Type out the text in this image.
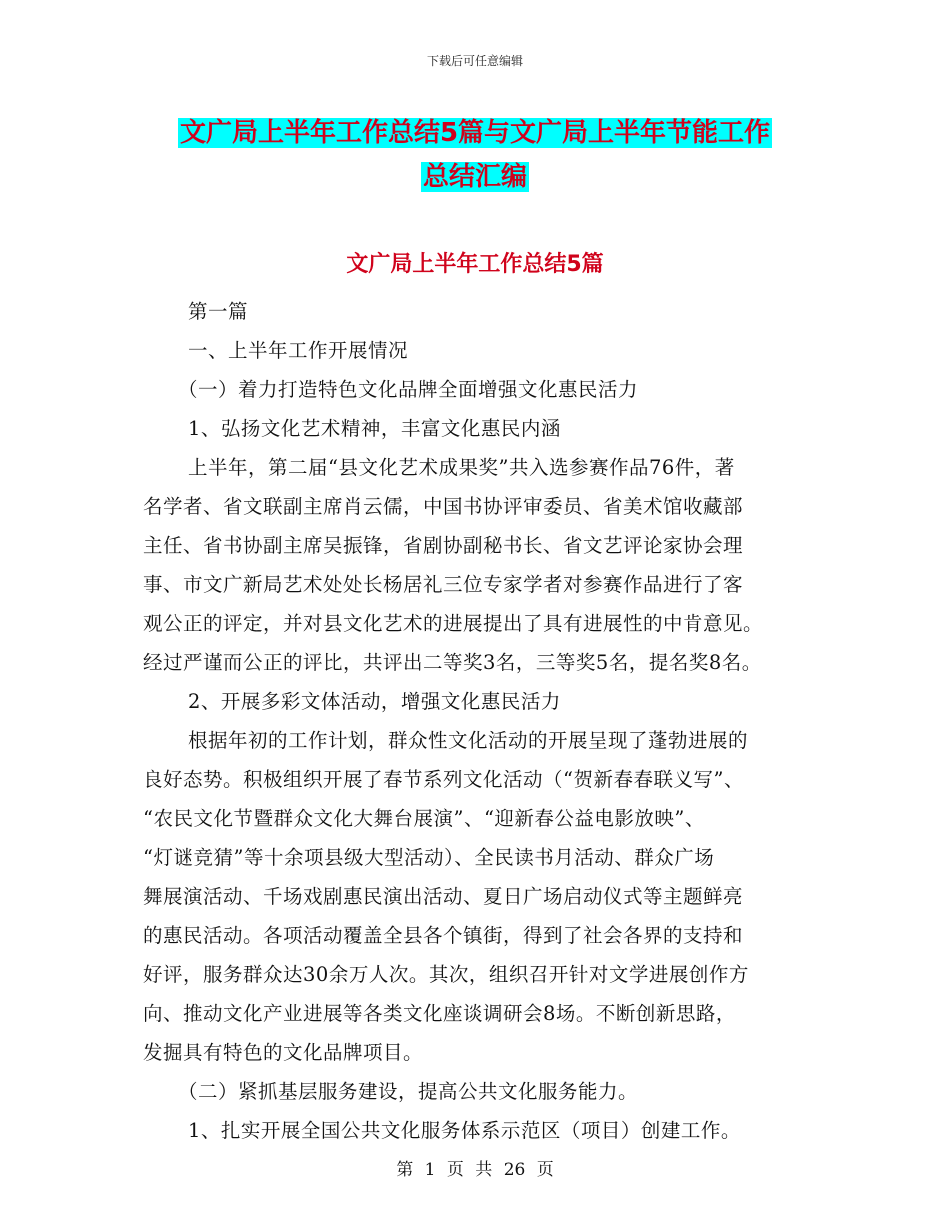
下载后可任意编辑
文广局上半年工作总结5篇与文广局上半年节能工作
总结汇编
文广局上半年工作总结5篇
第一篇
一、上半年工作开展情况
（一）着力打造特色文化品牌全面增强文化惠民活力
1、弘扬文化艺术精神，丰富文化惠民内涵
上半年，第二届“县文化艺术成果奖”共入选参赛作品76件，著
名学者、省文联副主席肖云儒，中国书协评审委员、省美术馆收藏部
主任、省书协副主席吴振锋，省剧协副秘书长、省文艺评论家协会理
事、市文广新局艺术处处长杨居礼三位专家学者对参赛作品进行了客
观公正的评定，并对县文化艺术的进展提出了具有进展性的中肯意见。
经过严谨而公正的评比，共评出二等奖3名，三等奖5名，提名奖8名。
2、开展多彩文体活动，增强文化惠民活力
根据年初的工作计划，群众性文化活动的开展呈现了蓬勃进展的
良好态势。积极组织开展了春节系列文化活动（“贺新春春联义写”、
“农民文化节暨群众文化大舞台展演”、“迎新春公益电影放映”、
“灯谜竞猜”等十余项县级大型活动）、全民读书月活动、群众广场
舞展演活动、千场戏剧惠民演出活动、夏日广场启动仪式等主题鲜亮
的惠民活动。各项活动覆盖全县各个镇街，得到了社会各界的支持和
好评，服务群众达30余万人次。其次，组织召开针对文学进展创作方
向、推动文化产业进展等各类文化座谈调研会8场。不断创新思路，
发掘具有特色的文化品牌项目。
（二）紧抓基层服务建设，提高公共文化服务能力。
1、扎实开展全国公共文化服务体系示范区（项目）创建工作。
第 1 页 共 26 页
